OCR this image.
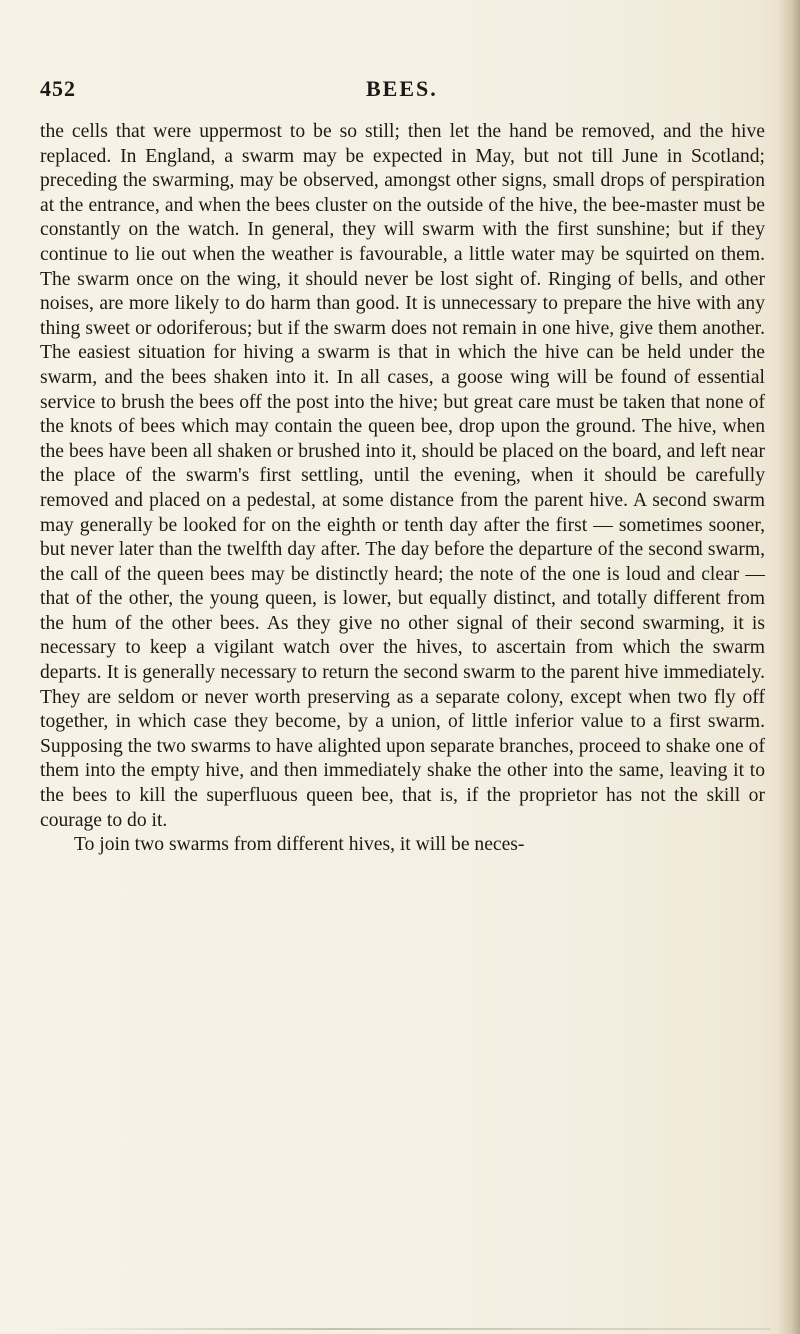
452	BEES.

the cells that were uppermost to be so still; then let the hand be removed, and the hive replaced. In England, a swarm may be expected in May, but not till June in Scotland; preceding the swarming, may be observed, amongst other signs, small drops of perspiration at the entrance, and when the bees cluster on the outside of the hive, the bee-master must be constantly on the watch. In general, they will swarm with the first sunshine; but if they continue to lie out when the weather is favourable, a little water may be squirted on them. The swarm once on the wing, it should never be lost sight of. Ringing of bells, and other noises, are more likely to do harm than good. It is unnecessary to prepare the hive with any thing sweet or odoriferous; but if the swarm does not remain in one hive, give them another. The easiest situation for hiving a swarm is that in which the hive can be held under the swarm, and the bees shaken into it. In all cases, a goose wing will be found of essential service to brush the bees off the post into the hive; but great care must be taken that none of the knots of bees which may contain the queen bee, drop upon the ground. The hive, when the bees have been all shaken or brushed into it, should be placed on the board, and left near the place of the swarm's first settling, until the evening, when it should be carefully removed and placed on a pedestal, at some distance from the parent hive. A second swarm may generally be looked for on the eighth or tenth day after the first — sometimes sooner, but never later than the twelfth day after. The day before the departure of the second swarm, the call of the queen bees may be distinctly heard; the note of the one is loud and clear — that of the other, the young queen, is lower, but equally distinct, and totally different from the hum of the other bees. As they give no other signal of their second swarming, it is necessary to keep a vigilant watch over the hives, to ascertain from which the swarm departs. It is generally necessary to return the second swarm to the parent hive immediately. They are seldom or never worth preserving as a separate colony, except when two fly off together, in which case they become, by a union, of little inferior value to a first swarm. Supposing the two swarms to have alighted upon separate branches, proceed to shake one of them into the empty hive, and then immediately shake the other into the same, leaving it to the bees to kill the superfluous queen bee, that is, if the proprietor has not the skill or courage to do it.

To join two swarms from different hives, it will be neces-
